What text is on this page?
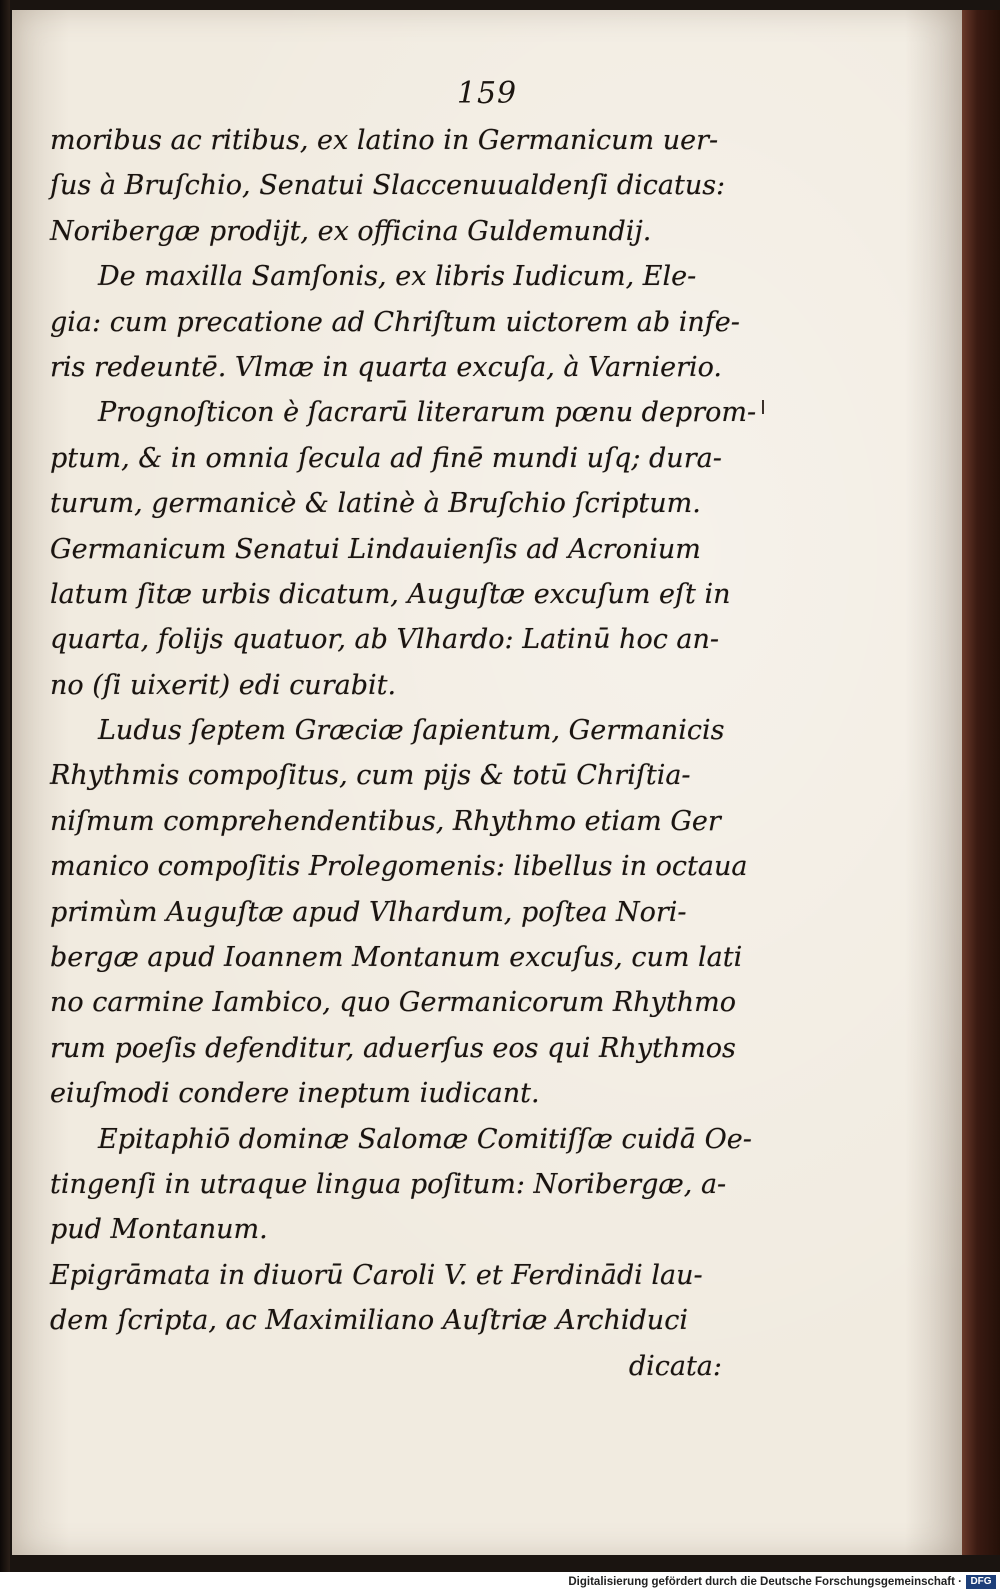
159
moribus ac ritibus, ex latino in Germanicum uer-
ſus à Bruſchio, Senatui Slaccenuualdenſi dicatus:
Noribergæ prodijt, ex officina Guldemundij.
De maxilla Samſonis, ex libris Iudicum, Ele-
gia: cum precatione ad Chriſtum uictorem ab infe-
ris redeuntē. Vlmæ in quarta excuſa, à Varnierio.
Prognoſticon è ſacrarū literarum pœnu deprom-
ptum, & in omnia ſecula ad finē mundi uſq; dura-
turum, germanicè & latinè à Bruſchio ſcriptum.
Germanicum Senatui Lindauienſis ad Acronium
latum ſitæ urbis dicatum, Auguſtæ excuſum eſt in
quarta, folijs quatuor, ab Vlhardo: Latinū hoc an-
no (ſi uixerit) edi curabit.
Ludus ſeptem Græciæ ſapientum, Germanicis
Rhythmis compoſitus, cum pijs & totū Chriſtia-
niſmum comprehendentibus, Rhythmo etiam Ger
manico compoſitis Prolegomenis: libellus in octaua
primùm Auguſtæ apud Vlhardum, poſtea Nori-
bergæ apud Ioannem Montanum excuſus, cum lati
no carmine Iambico, quo Germanicorum Rhythmo
rum poeſis defenditur, aduerſus eos qui Rhythmos
eiuſmodi condere ineptum iudicant.
Epitaphiō dominæ Salomæ Comitiſſæ cuidā Oe-
tingenſi in utraque lingua poſitum: Noribergæ, a-
pud Montanum.
Epigrāmata in diuorū Caroli V. et Ferdinādi lau-
dem ſcripta, ac Maximiliano Auſtriæ Archiduci
dicata:
Digitalisierung gefördert durch die Deutsche Forschungsgemeinschaft · DFG
